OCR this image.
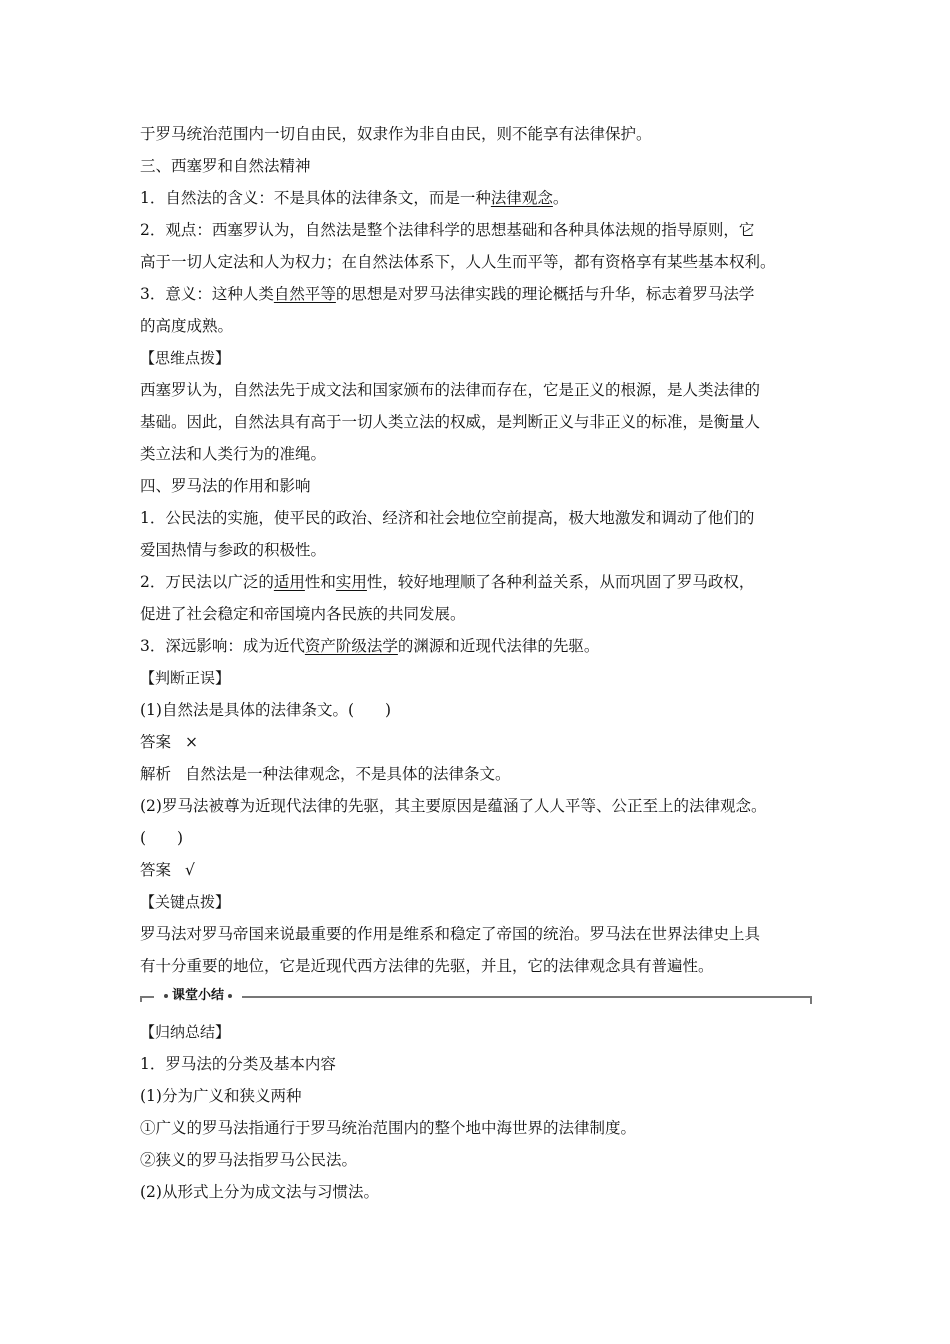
于罗马统治范围内一切自由民，奴隶作为非自由民，则不能享有法律保护。
三、西塞罗和自然法精神
1．自然法的含义：不是具体的法律条文，而是一种法律观念。
2．观点：西塞罗认为，自然法是整个法律科学的思想基础和各种具体法规的指导原则，它
高于一切人定法和人为权力；在自然法体系下，人人生而平等，都有资格享有某些基本权利。
3．意义：这种人类自然平等的思想是对罗马法律实践的理论概括与升华，标志着罗马法学
的高度成熟。
【思维点拨】
西塞罗认为，自然法先于成文法和国家颁布的法律而存在，它是正义的根源，是人类法律的
基础。因此，自然法具有高于一切人类立法的权威，是判断正义与非正义的标准，是衡量人
类立法和人类行为的准绳。
四、罗马法的作用和影响
1．公民法的实施，使平民的政治、经济和社会地位空前提高，极大地激发和调动了他们的
爱国热情与参政的积极性。
2．万民法以广泛的适用性和实用性，较好地理顺了各种利益关系，从而巩固了罗马政权，
促进了社会稳定和帝国境内各民族的共同发展。
3．深远影响：成为近代资产阶级法学的渊源和近现代法律的先驱。
【判断正误】
(1)自然法是具体的法律条文。(　　)
答案 ×
解析 自然法是一种法律观念，不是具体的法律条文。
(2)罗马法被尊为近现代法律的先驱，其主要原因是蕴涵了人人平等、公正至上的法律观念。
(　　)
答案 √
【关键点拨】
罗马法对罗马帝国来说最重要的作用是维系和稳定了帝国的统治。罗马法在世界法律史上具
有十分重要的地位，它是近现代西方法律的先驱，并且，它的法律观念具有普遍性。
课堂小结
【归纳总结】
1．罗马法的分类及基本内容
(1)分为广义和狭义两种
①广义的罗马法指通行于罗马统治范围内的整个地中海世界的法律制度。
②狭义的罗马法指罗马公民法。
(2)从形式上分为成文法与习惯法。
